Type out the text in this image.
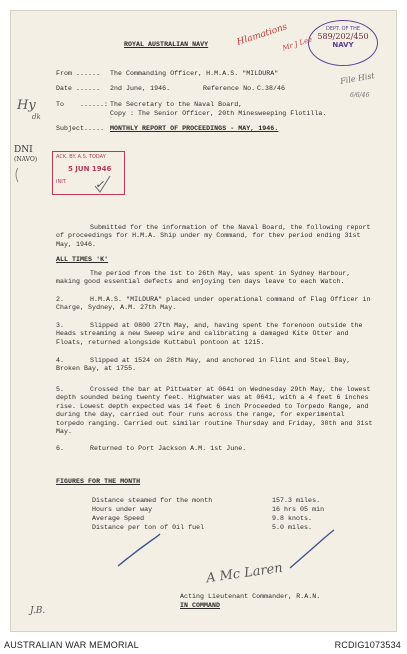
ROYAL AUSTRALIAN NAVY
From ...... The Commanding Officer, H.M.A.S. "MILDURA"
Date ...... 2nd June, 1946.	Reference No. C.38/46
To ......: The Secretary to the Naval Board,
Copy : The Senior Officer, 20th Minesweeping Flotilla.
Subject..... MONTHLY REPORT OF PROCEEDINGS - MAY, 1946.
Submitted for the information of the Naval Board, the following report of proceedings for H.M.A. Ship under my Command, for thev period ending 31st May, 1946.
ALL TIMES 'K'
The period from the 1st to 26th May, was spent in Sydney Harbour, making good essential defects and enjoying ten days leave to each Watch.
2.	H.M.A.S. "MILDURA" placed under operational command of Flag Officer in Charge, Sydney, A.M. 27th May.
3.	Slipped at 0800 27th May, and, having spent the forenoon outside the Heads streaming a new Sweep wire and calibrating a damaged Kite Otter and Floats, returned alongside Kuttabul pontoon at 1215.
4.	Slipped at 1524 on 28th May, and anchored in Flint and Steel Bay, Broken Bay, at 1755.
5.	Crossed the bar at Pittwater at 0641 on Wednesday 29th May, the lowest depth sounded being twenty feet. Highwater was at 0641, with a 4 feet 6 inches rise. Lowest depth expected was 14 feet 6 inch Proceeded to Torpedo Range, and during the day, carried out four runs across the range, for experimental torpedo ranging. Carried out similar routine Thursday and Friday, 30th and 31st May.
6.	Returned to Port Jackson A.M. 1st June.
FIGURES FOR THE MONTH
Distance steamed for the month	157.3 miles.
Hours under way	16 hrs 05 min
Average Speed	9.8 knots.
Distance per ton of 0il fuel	5.0 miles.
A Mc Laren
Acting Lieutenant Commander, R.A.N.
IN COMMAND
DEPT. OF THE
589/202/450
NAVY
ACK. BY. A.S. TODAY
5 JUN 1946
INIT.	✓
Hlamations
Mr J Lee
File Hist
6/6/46
Hy
dk
DNI
(NAVO)
J.B.
AUSTRALIAN WAR MEMORIAL	RCDIG1073534
